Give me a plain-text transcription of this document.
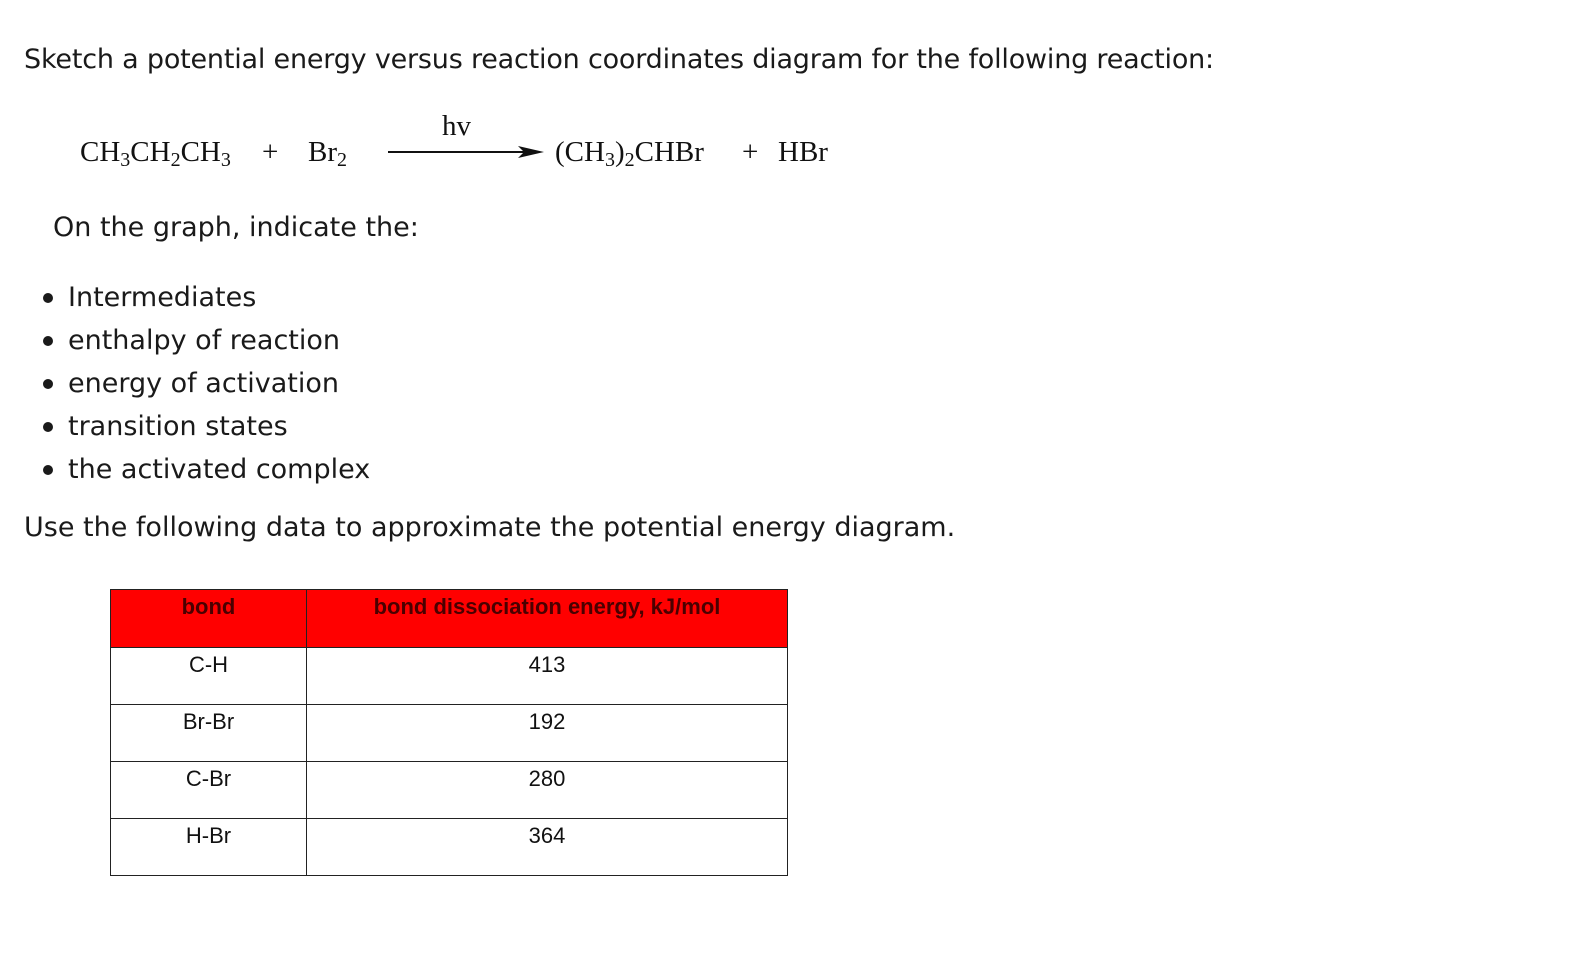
Sketch a potential energy versus reaction coordinates diagram for the following reaction:
$CH_3CH_2CH_3 + Br_2$
hv
$(CH_3)_2CHBr$ + HBr
On the graph, indicate the:
Intermediates
enthalpy of reaction
energy of activation
transition states
the activated complex
Use the following data to approximate the potential energy diagram.
bond	bond dissociation energy, kJ/mol
C-H	413
Br-Br	192
C-Br	280
H-Br	364
